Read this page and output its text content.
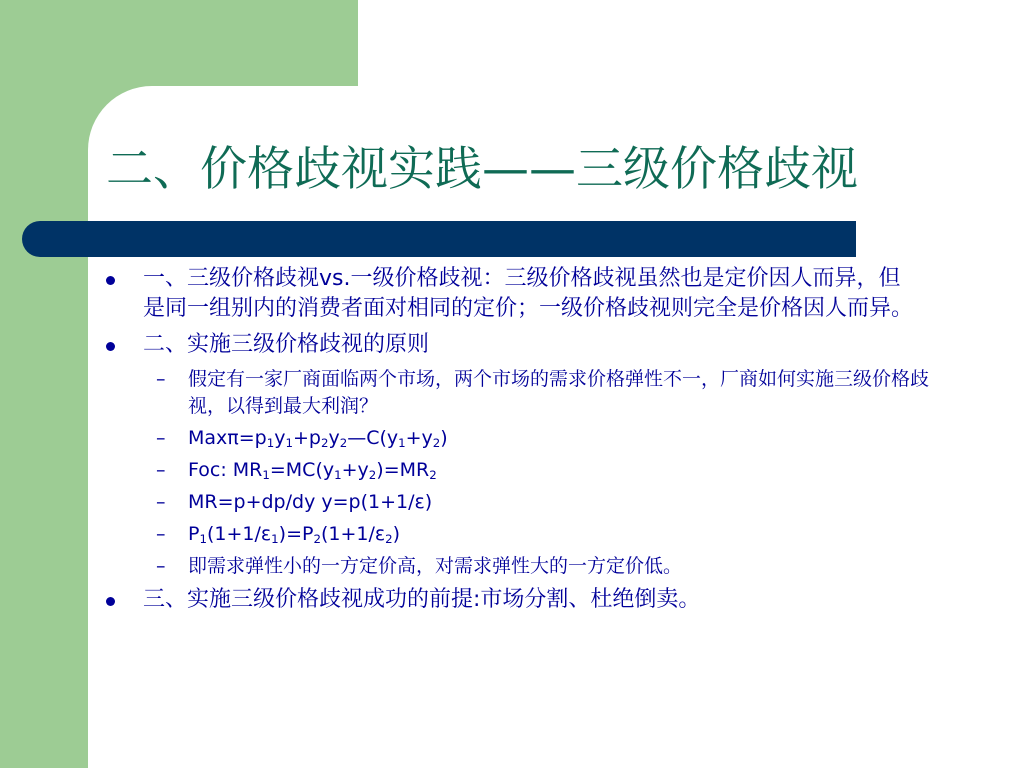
二、价格歧视实践——三级价格歧视
一、三级价格歧视vs.一级价格歧视：三级价格歧视虽然也是定价因人而异，但是同一组别内的消费者面对相同的定价；一级价格歧视则完全是价格因人而异。
二、实施三级价格歧视的原则
– 假定有一家厂商面临两个市场，两个市场的需求价格弹性不一，厂商如何实施三级价格歧视，以得到最大利润？
– $Max\pi=p_1y_1+p_2y_2—C(y_1+y_2)$
– Foc: $MR_1=MC(y_1+y_2)=MR_2$
– MR=p+dp/dy y=p(1+1/ε)
– $P_1(1+1/\varepsilon_1)=P_2(1+1/\varepsilon_2)$
– 即需求弹性小的一方定价高，对需求弹性大的一方定价低。
三、实施三级价格歧视成功的前提:市场分割、杜绝倒卖。
